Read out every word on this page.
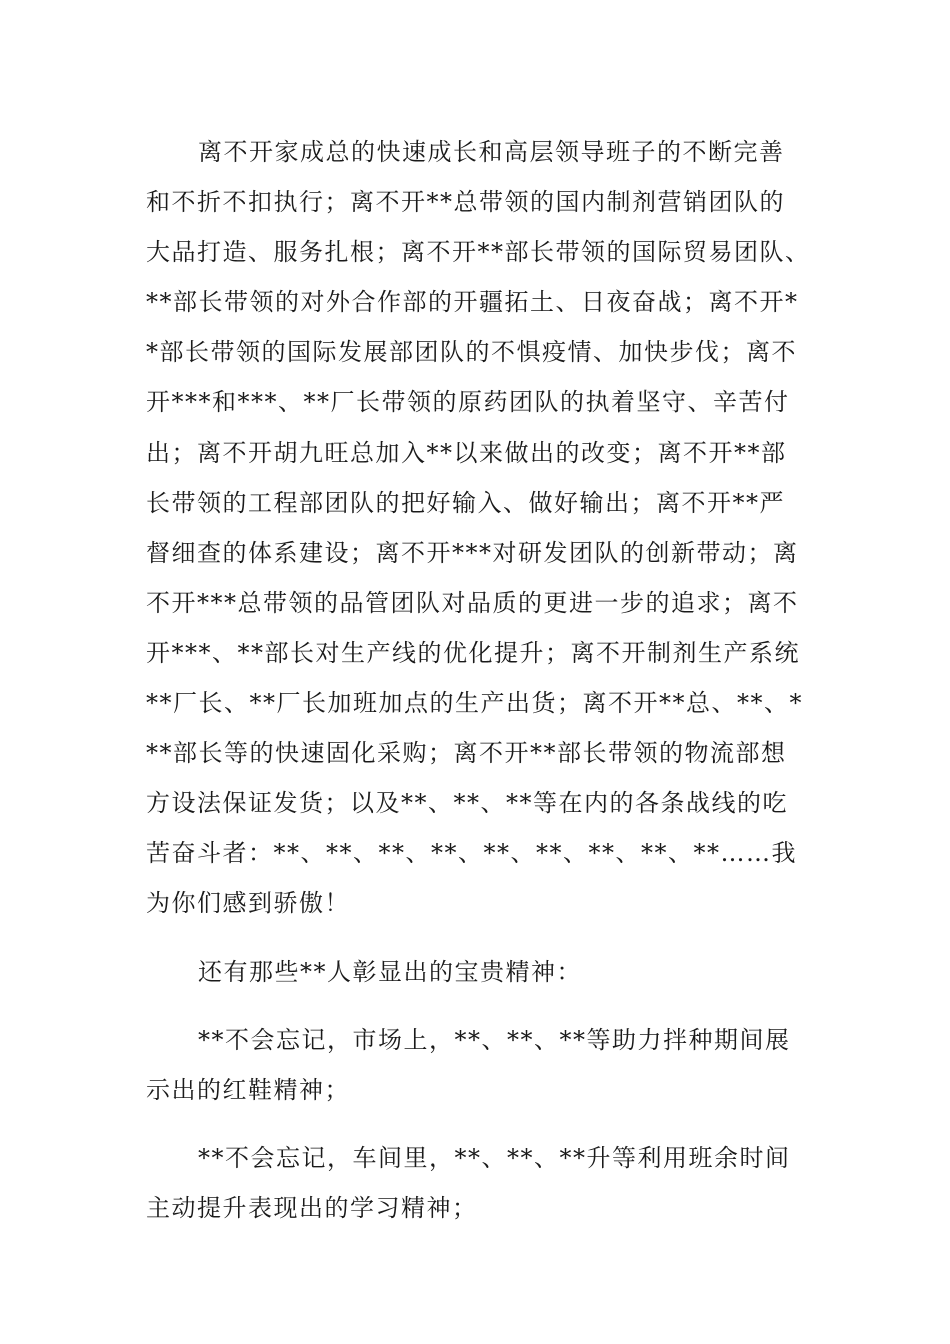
离不开家成总的快速成长和高层领导班子的不断完善
和不折不扣执行；离不开**总带领的国内制剂营销团队的
大品打造、服务扎根；离不开**部长带领的国际贸易团队、
**部长带领的对外合作部的开疆拓土、日夜奋战；离不开*
*部长带领的国际发展部团队的不惧疫情、加快步伐；离不
开***和***、**厂长带领的原药团队的执着坚守、辛苦付
出；离不开胡九旺总加入**以来做出的改变；离不开**部
长带领的工程部团队的把好输入、做好输出；离不开**严
督细查的体系建设；离不开***对研发团队的创新带动；离
不开***总带领的品管团队对品质的更进一步的追求；离不
开***、**部长对生产线的优化提升；离不开制剂生产系统
**厂长、**厂长加班加点的生产出货；离不开**总、**、*
**部长等的快速固化采购；离不开**部长带领的物流部想
方设法保证发货；以及**、**、**等在内的各条战线的吃
苦奋斗者：**、**、**、**、**、**、**、**、**……我
为你们感到骄傲！
还有那些**人彰显出的宝贵精神：
**不会忘记，市场上，**、**、**等助力拌种期间展
示出的红鞋精神；
**不会忘记，车间里，**、**、**升等利用班余时间
主动提升表现出的学习精神；
